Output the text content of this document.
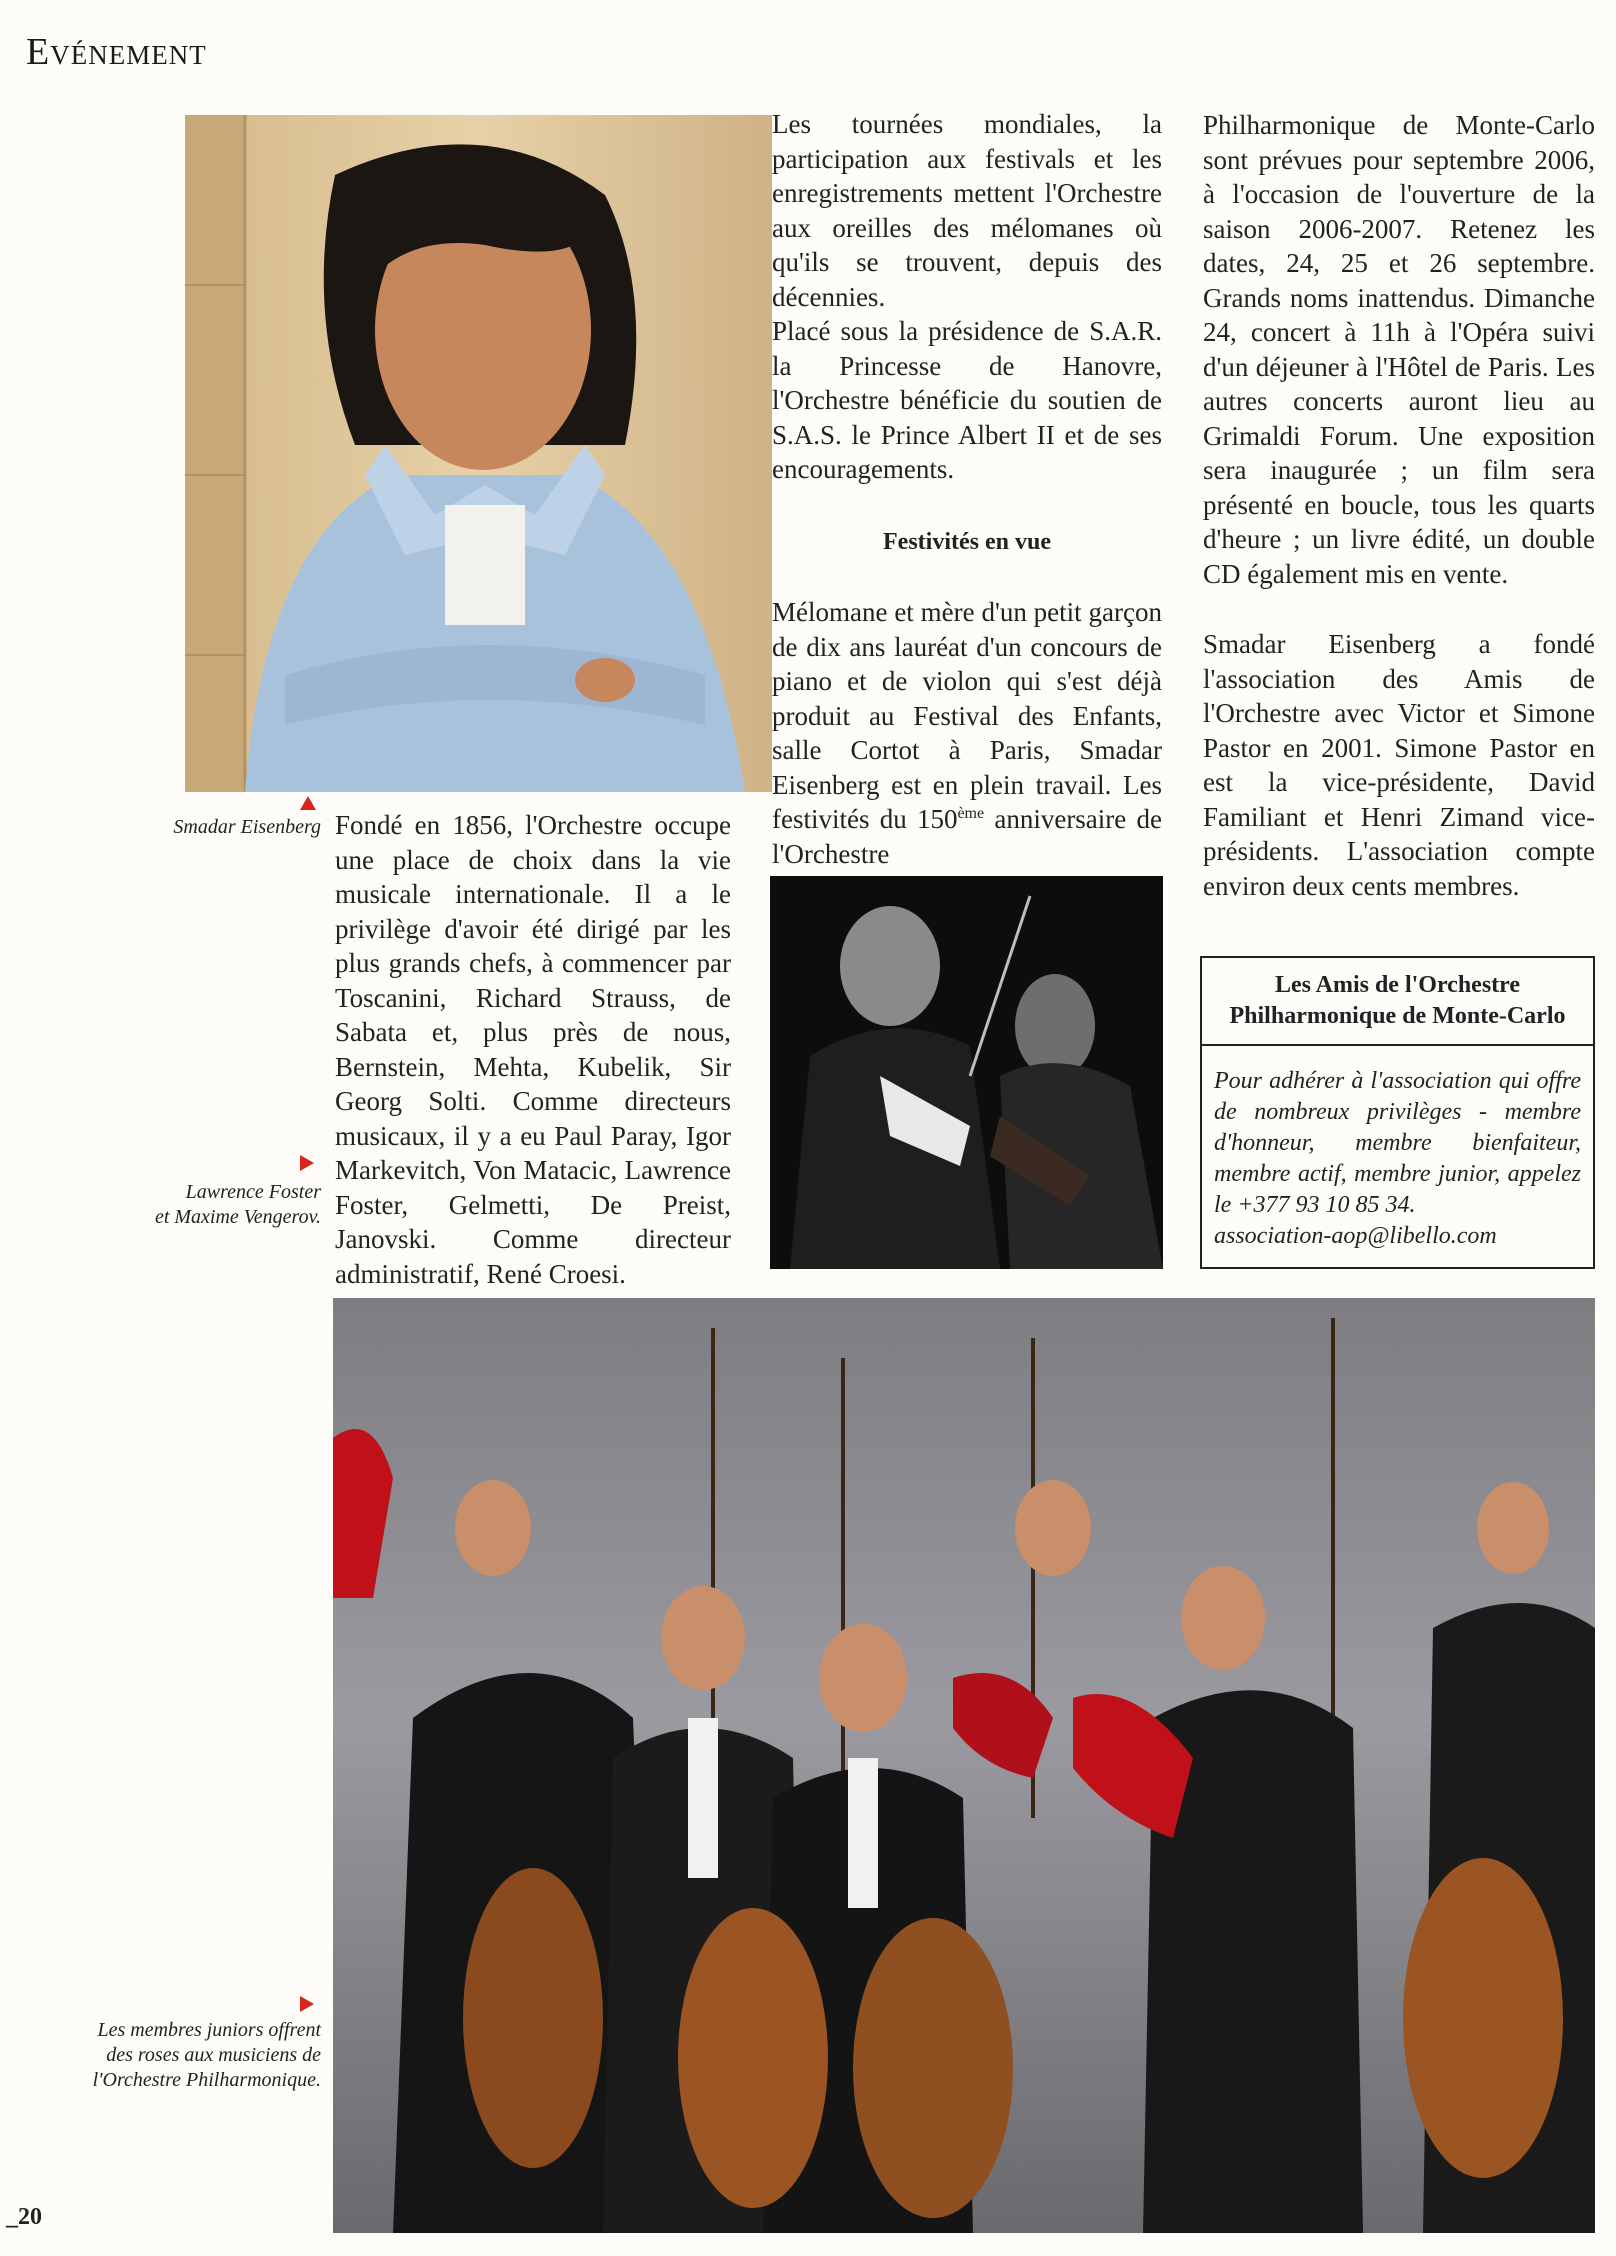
Evénement
Smadar Eisenberg Fondé en 1856, l'Orchestre occupe une place de choix dans la vie musicale internationale. Il a le privilège d'avoir été dirigé par les plus grands chefs, à commencer par Toscanini, Richard Strauss, de Sabata et, plus près de nous, Bernstein, Mehta, Kubelik, Sir Georg Solti. Comme directeurs musicaux, il y a eu Paul Paray, Igor Markevitch, Von Matacic, Lawrence Foster, Gelmetti, De Preist, Janovski. Comme directeur administratif, René Croesi.

Lawrence Foster
et Maxime Vengerov.

Les tournées mondiales, la participation aux festivals et les enregistrements mettent l'Orchestre aux oreilles des mélomanes où qu'ils se trouvent, depuis des décennies.

Placé sous la présidence de S.A.R. la Princesse de Hanovre, l'Orchestre bénéficie du soutien de S.A.S. le Prince Albert II et de ses encouragements.

Festivités en vue

Mélomane et mère d'un petit garçon de dix ans lauréat d'un concours de piano et de violon qui s'est déjà produit au Festival des Enfants, salle Cortot à Paris, Smadar Eisenberg est en plein travail. Les festivités du 150ème anniversaire de l'Orchestre

Philharmonique de Monte-Carlo sont prévues pour septembre 2006, à l'occasion de l'ouverture de la saison 2006-2007. Retenez les dates, 24, 25 et 26 septembre. Grands noms inattendus. Dimanche 24, concert à 11h à l'Opéra suivi d'un déjeuner à l'Hôtel de Paris. Les autres concerts auront lieu au Grimaldi Forum. Une exposition sera inaugurée ; un film sera présenté en boucle, tous les quarts d'heure ; un livre édité, un double CD également mis en vente.

Smadar Eisenberg a fondé l'association des Amis de l'Orchestre avec Victor et Simone Pastor en 2001. Simone Pastor en est la vice-présidente, David Familiant et Henri Zimand vice-présidents. L'association compte environ deux cents membres.

Les Amis de l'Orchestre
Philharmonique de Monte-Carlo
Pour adhérer à l'association qui offre de nombreux privilèges - membre d'honneur, membre bienfaiteur, membre actif, membre junior, appelez le +377 93 10 85 34.
association-aop@libello.com
Les membres juniors offrent
des roses aux musiciens de
l'Orchestre Philharmonique.
_20
